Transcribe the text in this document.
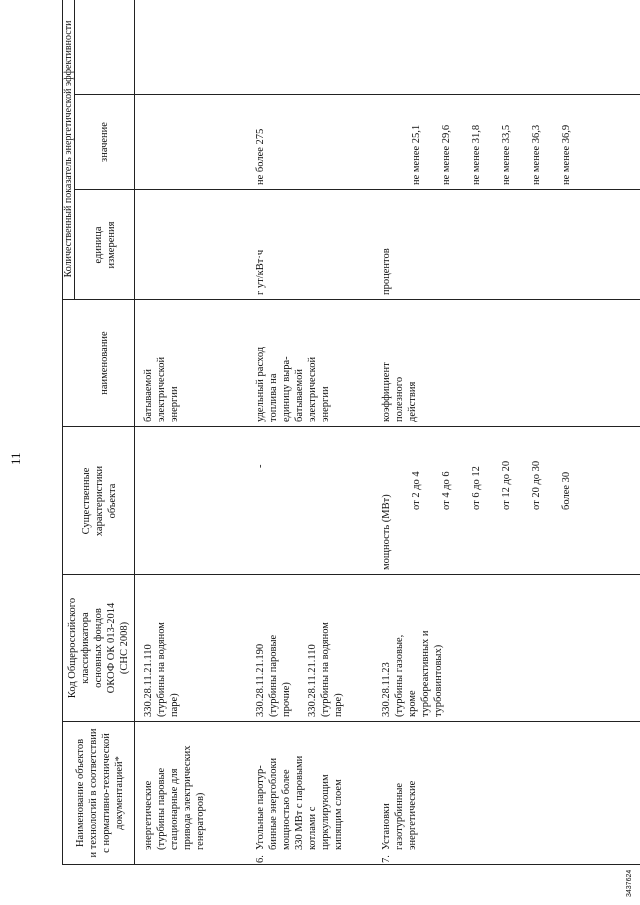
11
Наименование объектов
и технологий в соответствии
с нормативно-технической
документацией*
Код Общероссийского
классификатора
основных фондов
ОКОФ ОК 013-2014
(СНС 2008)
Существенные
характеристики
объекта
Количественный показатель энергетической эффективности
наименование
единица
измерения
значение
энергетические
(турбины паровые
стационарные для
привода электрических
генераторов)
330.28.11.21.110
(турбины на водяном
паре)
батываемой
электрической
энергии
6.
Угольные паротур-
бинные энергоблоки
мощностью более
330 МВт с паровыми
котлами с
циркулирующим
кипящим слоем
330.28.11.21.190
(турбины паровые
прочие) 330.28.11.21.110
(турбины на водяном
паре)
-
удельный расход
топлива на
единицу выра-
батываемой
электрической
энергии
г ут/кВт·ч
не более 275
7.
Установки
газотурбинные
энергетические
330.28.11.23
(турбины газовые,
кроме
турбореактивных и
турбовинтовых)
мощность (МВт)
коэффициент
полезного
действия
процентов
от 2 до 4 от 4 до 6 от 6 до 12 от 12 до 20 от 20 до 30 более 30
не менее 25,1 не менее 29,6 не менее 31,8 не менее 33,5 не менее 36,3 не менее 36,9
3437624
